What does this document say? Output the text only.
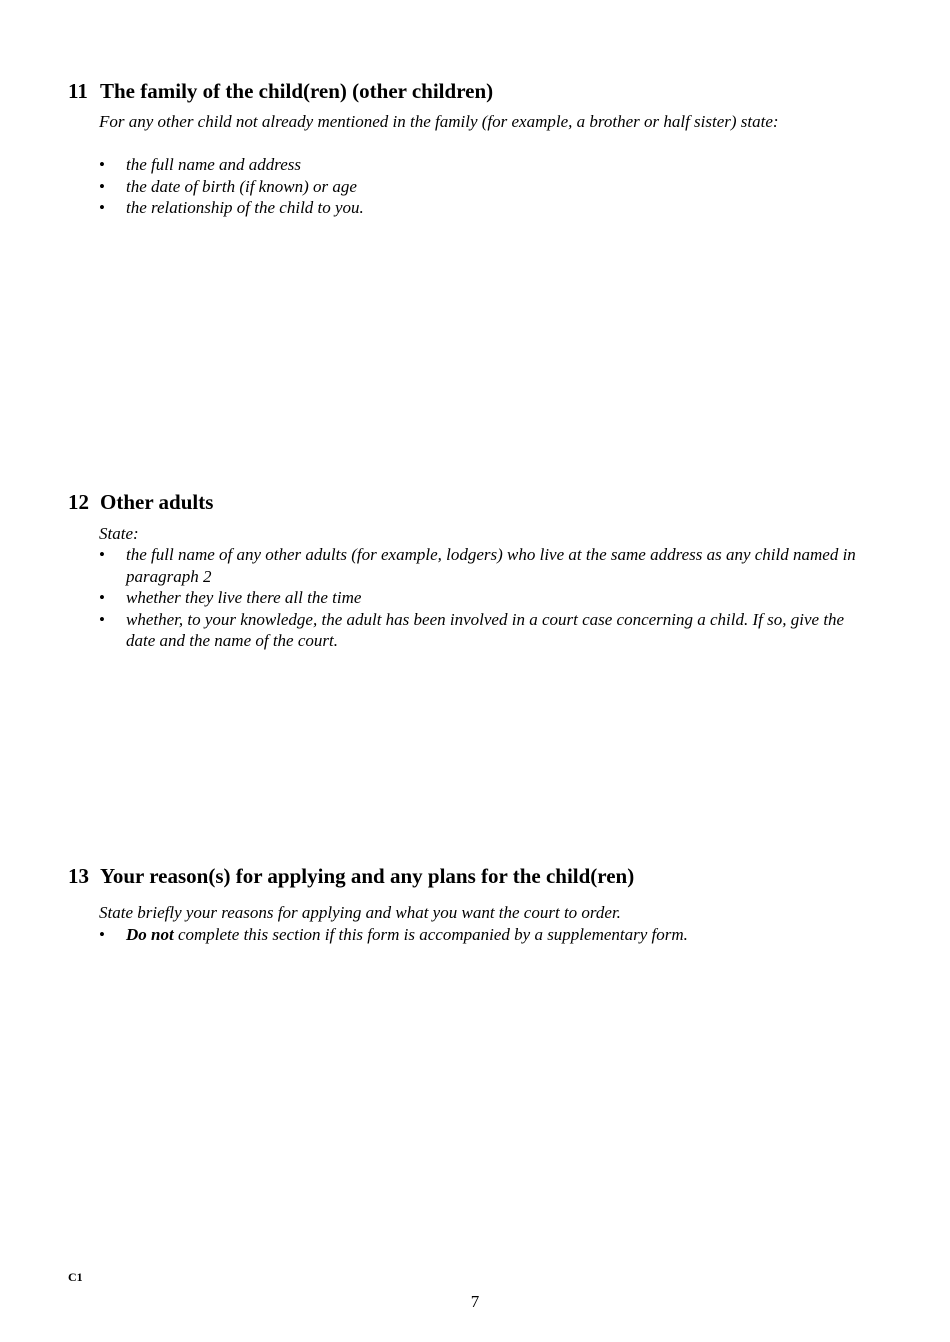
11 The family of the child(ren) (other children)

For any other child not already mentioned in the family (for example, a brother or half sister) state:

• the full name and address
• the date of birth (if known) or age
• the relationship of the child to you.
12 Other adults

State:

• the full name of any other adults (for example, lodgers) who live at the same address as any child named in paragraph 2
• whether they live there all the time
• whether, to your knowledge, the adult has been involved in a court case concerning a child. If so, give the date and the name of the court.
13 Your reason(s) for applying and any plans for the child(ren)

State briefly your reasons for applying and what you want the court to order.

• Do not complete this section if this form is accompanied by a supplementary form.
C1
7
